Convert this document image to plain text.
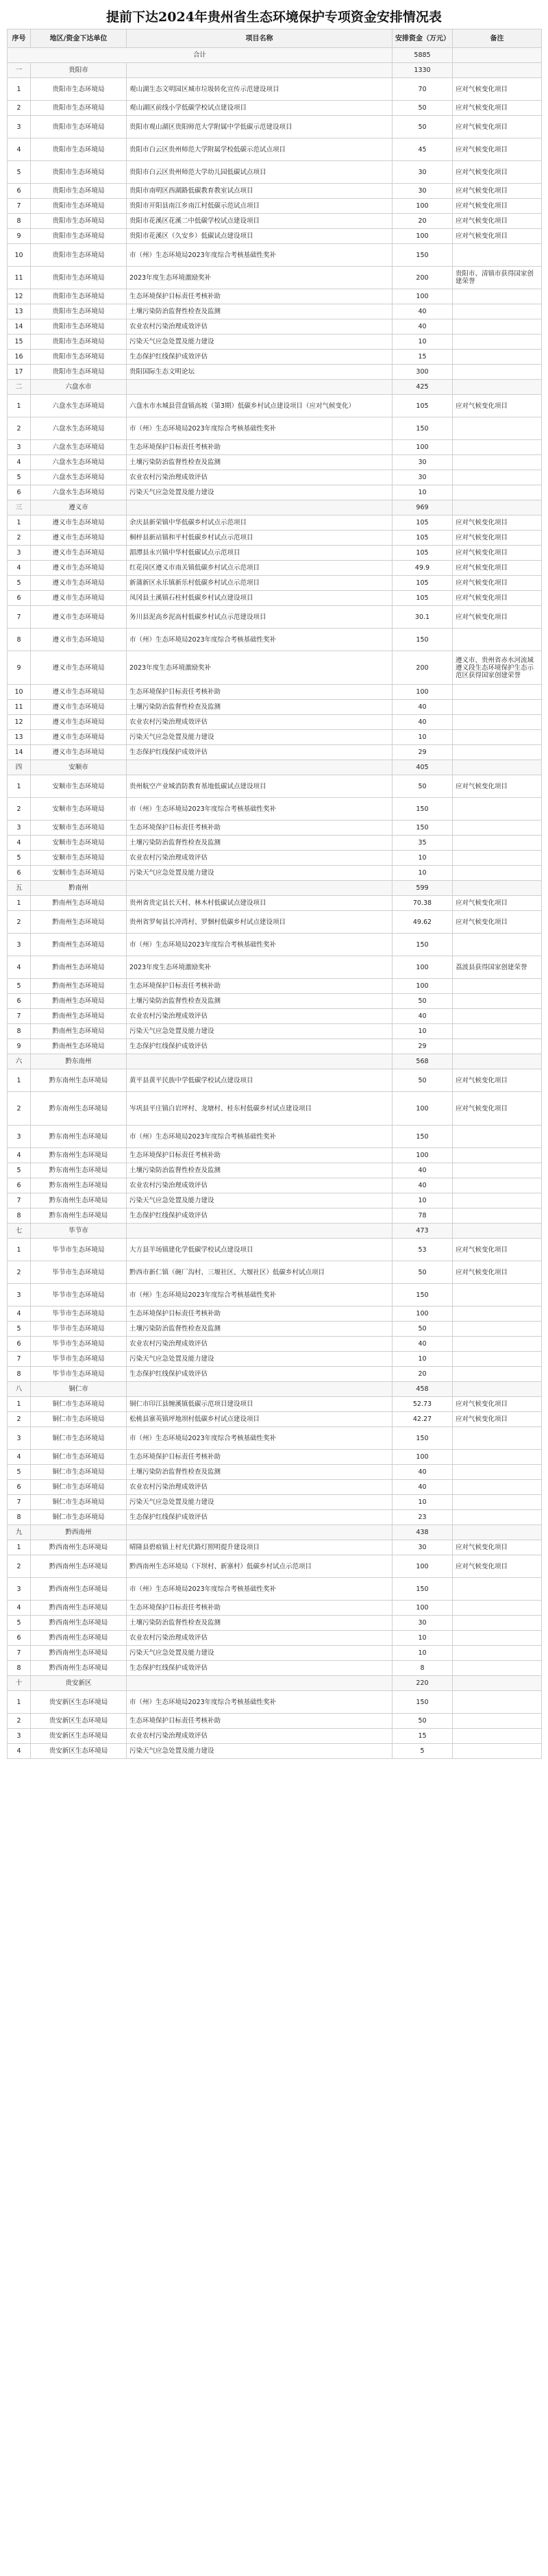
提前下达2024年贵州省生态环境保护专项资金安排情况表
序号	地区/资金下达单位	项目名称	安排资金（万元）	备注
合计			5885	
一	贵阳市		1330	
1	贵阳市生态环境局	观山湖生态文明园区城市垃圾转化宣传示范建设项目	70	应对气候变化项目
2	贵阳市生态环境局	观山湖区前线小学低碳学校试点建设项目	50	应对气候变化项目
3	贵阳市生态环境局	贵阳市观山湖区贵阳师范大学附属中学低碳示范建设项目	50	应对气候变化项目
4	贵阳市生态环境局	贵阳市白云区贵州师范大学附属学校低碳示范试点项目	45	应对气候变化项目
5	贵阳市生态环境局	贵阳市白云区贵州师范大学幼儿园低碳试点项目	30	应对气候变化项目
6	贵阳市生态环境局	贵阳市南明区西湖路低碳教育教室试点项目	30	应对气候变化项目
7	贵阳市生态环境局	贵阳市开阳县南江乡南江村低碳示范试点项目	100	应对气候变化项目
8	贵阳市生态环境局	贵阳市花溪区花溪二中低碳学校试点建设项目	20	应对气候变化项目
9	贵阳市生态环境局	贵阳市花溪区（久安乡）低碳试点建设项目	100	应对气候变化项目
10	贵阳市生态环境局	市（州）生态环境局2023年度综合考核基础性奖补	150	
11	贵阳市生态环境局	2023年度生态环境激励奖补	200	贵阳市、清镇市获得国家创建荣誉
12	贵阳市生态环境局	生态环境保护目标责任考核补助	100	
13	贵阳市生态环境局	土壤污染防治监督性检查及监测	40	
14	贵阳市生态环境局	农业农村污染治理成效评估	40	
15	贵阳市生态环境局	污染天气应急处置及能力建设	10	
16	贵阳市生态环境局	生态保护红线保护成效评估	15	
17	贵阳市生态环境局	贵阳国际生态文明论坛	300	
二	六盘水市		425	
1	六盘水生态环境局	六盘水市水城县营盘镇高坡（第3期）低碳乡村试点建设项目（应对气候变化）	105	应对气候变化项目
2	六盘水生态环境局	市（州）生态环境局2023年度综合考核基础性奖补	150	
3	六盘水生态环境局	生态环境保护目标责任考核补助	100	
4	六盘水生态环境局	土壤污染防治监督性检查及监测	30	
5	六盘水生态环境局	农业农村污染治理成效评估	30	
6	六盘水生态环境局	污染天气应急处置及能力建设	10	
三	遵义市		969	
1	遵义市生态环境局	余庆县新荣镇中华低碳乡村试点示范项目	105	应对气候变化项目
2	遵义市生态环境局	桐梓县新站镇和平村低碳乡村试点示范项目	105	应对气候变化项目
3	遵义市生态环境局	湄潭县永兴镇中华村低碳试点示范项目	105	应对气候变化项目
4	遵义市生态环境局	红花岗区遵义市南关镇低碳乡村试点示范项目	49.9	应对气候变化项目
5	遵义市生态环境局	新蒲新区永乐镇新乐村低碳乡村试点示范项目	105	应对气候变化项目
6	遵义市生态环境局	凤冈县土溪镇石柱村低碳乡村试点建设项目	105	应对气候变化项目
7	遵义市生态环境局	务川县泥高乡泥高村低碳乡村试点示范建设项目	30.1	应对气候变化项目
8	遵义市生态环境局	市（州）生态环境局2023年度综合考核基础性奖补	150	
9	遵义市生态环境局	2023年度生态环境激励奖补	200	遵义市、贵州省赤水河流域遵义段生态环境保护生态示范区获得国家创建荣誉
10	遵义市生态环境局	生态环境保护目标责任考核补助	100	
11	遵义市生态环境局	土壤污染防治监督性检查及监测	40	
12	遵义市生态环境局	农业农村污染治理成效评估	40	
13	遵义市生态环境局	污染天气应急处置及能力建设	10	
14	遵义市生态环境局	生态保护红线保护成效评估	29	
四	安顺市		405	
1	安顺市生态环境局	贵州航空产业城消防教育基地低碳试点建设项目	50	应对气候变化项目
2	安顺市生态环境局	市（州）生态环境局2023年度综合考核基础性奖补	150	
3	安顺市生态环境局	生态环境保护目标责任考核补助	150	
4	安顺市生态环境局	土壤污染防治监督性检查及监测	35	
5	安顺市生态环境局	农业农村污染治理成效评估	10	
6	安顺市生态环境局	污染天气应急处置及能力建设	10	
五	黔南州		599	
1	黔南州生态环境局	贵州省贵定县长天村、林木村低碳试点建设项目	70.38	应对气候变化项目
2	黔南州生态环境局	贵州省罗甸县长冲湾村、罗悃村低碳乡村试点建设项目	49.62	应对气候变化项目
3	黔南州生态环境局	市（州）生态环境局2023年度综合考核基础性奖补	150	
4	黔南州生态环境局	2023年度生态环境激励奖补	100	荔波县获得国家创建荣誉
5	黔南州生态环境局	生态环境保护目标责任考核补助	100	
6	黔南州生态环境局	土壤污染防治监督性检查及监测	50	
7	黔南州生态环境局	农业农村污染治理成效评估	40	
8	黔南州生态环境局	污染天气应急处置及能力建设	10	
9	黔南州生态环境局	生态保护红线保护成效评估	29	
六	黔东南州		568	
1	黔东南州生态环境局	黄平县黄平民族中学低碳学校试点建设项目	50	应对气候变化项目
2	黔东南州生态环境局	岑巩县平庄镇白岩坪村、龙塘村、桂东村低碳乡村试点建设项目	100	应对气候变化项目
3	黔东南州生态环境局	市（州）生态环境局2023年度综合考核基础性奖补	150	
4	黔东南州生态环境局	生态环境保护目标责任考核补助	100	
5	黔东南州生态环境局	土壤污染防治监督性检查及监测	40	
6	黔东南州生态环境局	农业农村污染治理成效评估	40	
7	黔东南州生态环境局	污染天气应急处置及能力建设	10	
8	黔东南州生态环境局	生态保护红线保护成效评估	78	
七	毕节市		473	
1	毕节市生态环境局	大方县羊场镇建化学低碳学校试点建设项目	53	应对气候变化项目
2	毕节市生态环境局	黔西市新仁镇（碗厂沟村、三堰社区、大堰社区）低碳乡村试点项目	50	应对气候变化项目
3	毕节市生态环境局	市（州）生态环境局2023年度综合考核基础性奖补	150	
4	毕节市生态环境局	生态环境保护目标责任考核补助	100	
5	毕节市生态环境局	土壤污染防治监督性检查及监测	50	
6	毕节市生态环境局	农业农村污染治理成效评估	40	
7	毕节市生态环境局	污染天气应急处置及能力建设	10	
8	毕节市生态环境局	生态保护红线保护成效评估	20	
八	铜仁市		458	
1	铜仁市生态环境局	铜仁市印江县缠溪镇低碳示范项目建设项目	52.73	应对气候变化项目
2	铜仁市生态环境局	松桃县寨英镇坪地坝村低碳乡村试点建设项目	42.27	应对气候变化项目
3	铜仁市生态环境局	市（州）生态环境局2023年度综合考核基础性奖补	150	
4	铜仁市生态环境局	生态环境保护目标责任考核补助	100	
5	铜仁市生态环境局	土壤污染防治监督性检查及监测	40	
6	铜仁市生态环境局	农业农村污染治理成效评估	40	
7	铜仁市生态环境局	污染天气应急处置及能力建设	10	
8	铜仁市生态环境局	生态保护红线保护成效评估	23	
九	黔西南州		438	
1	黔西南州生态环境局	晴隆县碧痕镇上村光伏路灯照明提升建设项目	30	应对气候变化项目
2	黔西南州生态环境局	黔西南州生态环境局（下坝村、新寨村）低碳乡村试点示范项目	100	应对气候变化项目
3	黔西南州生态环境局	市（州）生态环境局2023年度综合考核基础性奖补	150	
4	黔西南州生态环境局	生态环境保护目标责任考核补助	100	
5	黔西南州生态环境局	土壤污染防治监督性检查及监测	30	
6	黔西南州生态环境局	农业农村污染治理成效评估	10	
7	黔西南州生态环境局	污染天气应急处置及能力建设	10	
8	黔西南州生态环境局	生态保护红线保护成效评估	8	
十	贵安新区		220	
1	贵安新区生态环境局	市（州）生态环境局2023年度综合考核基础性奖补	150	
2	贵安新区生态环境局	生态环境保护目标责任考核补助	50	
3	贵安新区生态环境局	农业农村污染治理成效评估	15	
4	贵安新区生态环境局	污染天气应急处置及能力建设	5	
